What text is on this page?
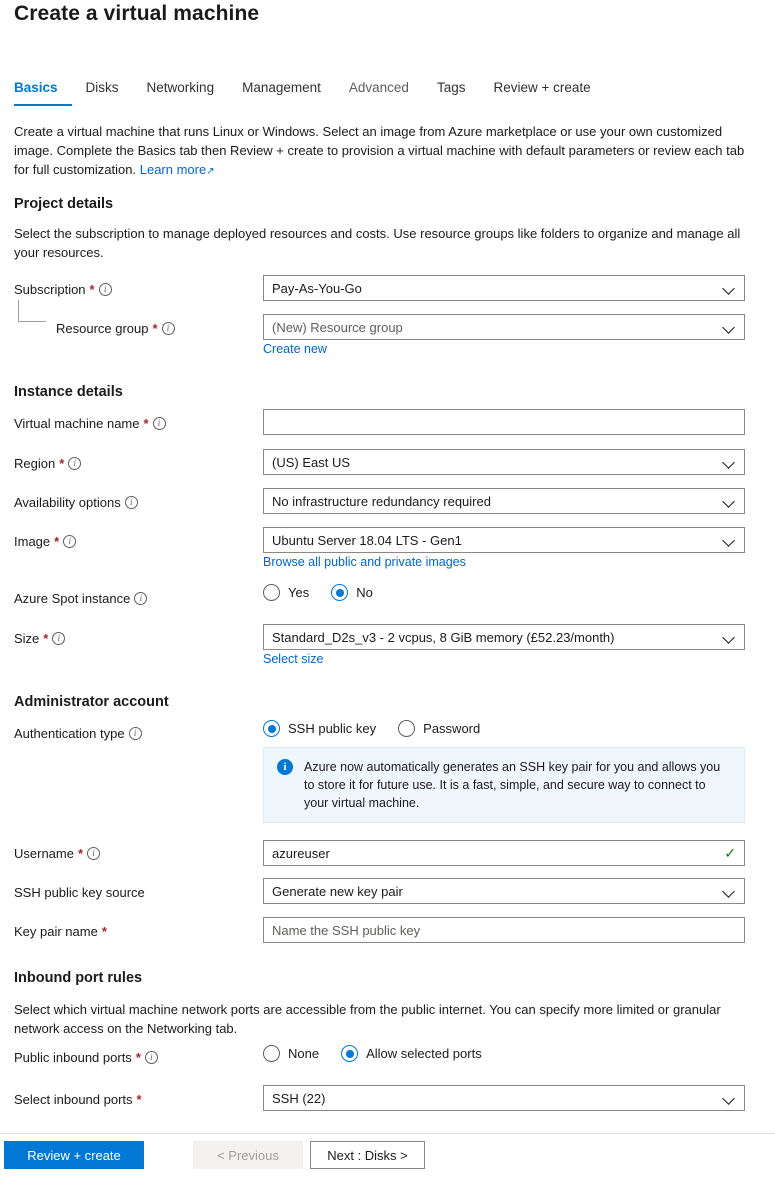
Create a virtual machine
Basics	Disks	Networking	Management	Advanced	Tags	Review + create
Create a virtual machine that runs Linux or Windows. Select an image from Azure marketplace or use your own customized image. Complete the Basics tab then Review + create to provision a virtual machine with default parameters or review each tab for full customization. Learn more↗
Project details
Select the subscription to manage deployed resources and costs. Use resource groups like folders to organize and manage all your resources.
Subscription *	i	Pay-As-You-Go
Resource group *	i	(New) Resource group
Create new
Instance details
Virtual machine name *	i
Region *	i	(US) East US
Availability options	i	No infrastructure redundancy required
Image *	i	Ubuntu Server 18.04 LTS - Gen1
Browse all public and private images
Azure Spot instance	i	Yes	No
Size *	i	Standard_D2s_v3 - 2 vcpus, 8 GiB memory (£52.23/month)
Select size
Administrator account
Authentication type	i	SSH public key	Password
i	Azure now automatically generates an SSH key pair for you and allows you to store it for future use. It is a fast, simple, and secure way to connect to your virtual machine.
Username *	i	azureuser	✓
SSH public key source	Generate new key pair
Key pair name *	Name the SSH public key
Inbound port rules
Select which virtual machine network ports are accessible from the public internet. You can specify more limited or granular network access on the Networking tab.
Public inbound ports *	i	None	Allow selected ports
Select inbound ports *	SSH (22)
Review + create	< Previous	Next : Disks >
